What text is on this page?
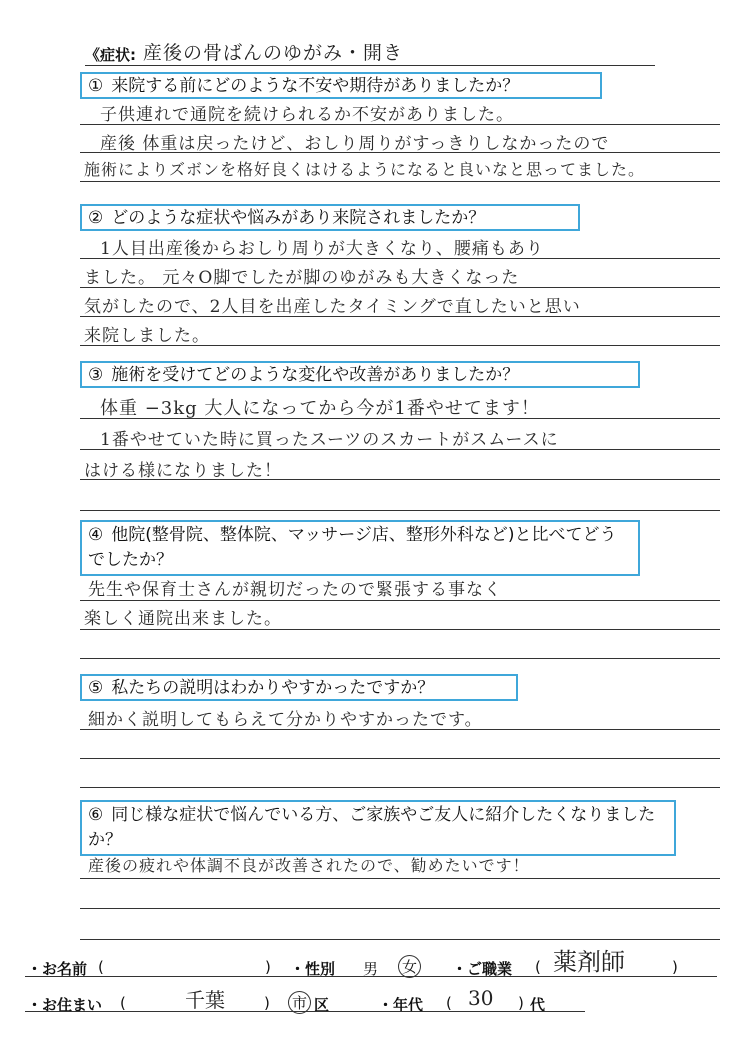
《症状: 産後の骨ばんのゆがみ・開き
① 来院する前にどのような不安や期待がありましたか？
子供連れで通院を続けられるか不安がありました。
産後 体重は戻ったけど、おしり周りがすっきりしなかったので
施術によりズボンを格好良くはけるようになると良いなと思ってました。
② どのような症状や悩みがあり来院されましたか？
1人目出産後からおしり周りが大きくなり、腰痛もあり
ました。 元々O脚でしたが脚のゆがみも大きくなった
気がしたので、2人目を出産したタイミングで直したいと思い
来院しました。
③ 施術を受けてどのような変化や改善がありましたか？
体重 −3kg 大人になってから今が1番やせてます！
1番やせていた時に買ったスーツのスカートがスムースに
はける様になりました！
④ 他院(整骨院、整体院、マッサージ店、整形外科など)と比べてどうでしたか？
先生や保育士さんが親切だったので緊張する事なく
楽しく通院出来ました。
⑤ 私たちの説明はわかりやすかったですか？
細かく説明してもらえて分かりやすかったです。
⑥ 同じ様な症状で悩んでいる方、ご家族やご友人に紹介したくなりましたか？
産後の疲れや体調不良が改善されたので、勧めたいです！
・お名前 (	) ・性別 男 女 ・ご職業 ( 薬剤師	)
・お住まい (	千葉	) 市 区	・年代 ( 30 ) 代
